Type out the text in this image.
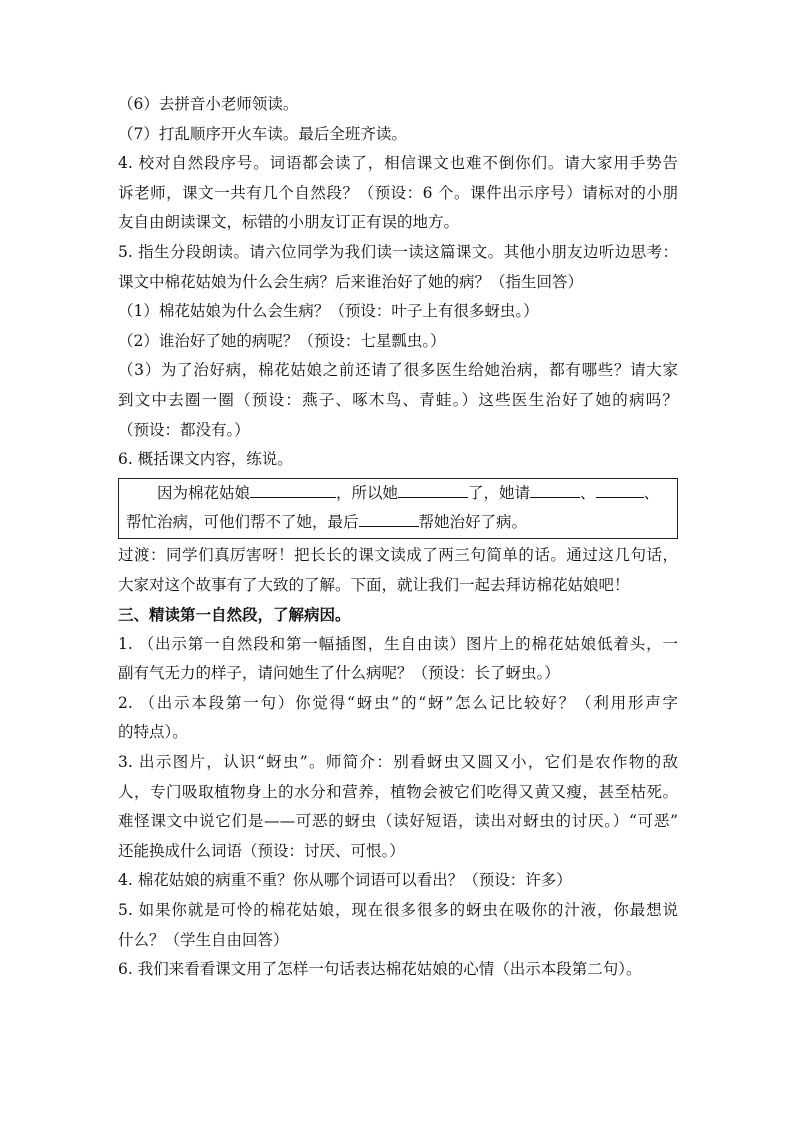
（6）去拼音小老师领读。
（7）打乱顺序开火车读。最后全班齐读。
4. 校对自然段序号。词语都会读了，相信课文也难不倒你们。请大家用手势告
诉老师，课文一共有几个自然段？（预设：6 个。课件出示序号）请标对的小朋
友自由朗读课文，标错的小朋友订正有误的地方。
5. 指生分段朗读。请六位同学为我们读一读这篇课文。其他小朋友边听边思考：
课文中棉花姑娘为什么会生病？后来谁治好了她的病？（指生回答）
（1）棉花姑娘为什么会生病？（预设：叶子上有很多蚜虫。）
（2）谁治好了她的病呢？（预设：七星瓢虫。）
（3）为了治好病，棉花姑娘之前还请了很多医生给她治病，都有哪些？请大家
到文中去圈一圈（预设：燕子、啄木鸟、青蛙。）这些医生治好了她的病吗？
（预设：都没有。）
6. 概括课文内容，练说。
因为棉花姑娘	，所以她	了，她请	、	、
帮忙治病，可他们帮不了她，最后	帮她治好了病。
过渡：同学们真厉害呀！把长长的课文读成了两三句简单的话。通过这几句话，
大家对这个故事有了大致的了解。下面，就让我们一起去拜访棉花姑娘吧！
三、精读第一自然段，了解病因。
1. （出示第一自然段和第一幅插图，生自由读）图片上的棉花姑娘低着头，一
副有气无力的样子，请问她生了什么病呢？（预设：长了蚜虫。）
2. （出示本段第一句）你觉得“蚜虫”的“蚜”怎么记比较好？（利用形声字
的特点）。
3. 出示图片，认识“蚜虫”。师简介：别看蚜虫又圆又小，它们是农作物的敌
人，专门吸取植物身上的水分和营养，植物会被它们吃得又黄又瘦，甚至枯死。
难怪课文中说它们是——可恶的蚜虫（读好短语，读出对蚜虫的讨厌。）“可恶”
还能换成什么词语（预设：讨厌、可恨。）
4. 棉花姑娘的病重不重？你从哪个词语可以看出？（预设：许多）
5. 如果你就是可怜的棉花姑娘，现在很多很多的蚜虫在吸你的汁液，你最想说
什么？（学生自由回答）
6. 我们来看看课文用了怎样一句话表达棉花姑娘的心情（出示本段第二句）。
